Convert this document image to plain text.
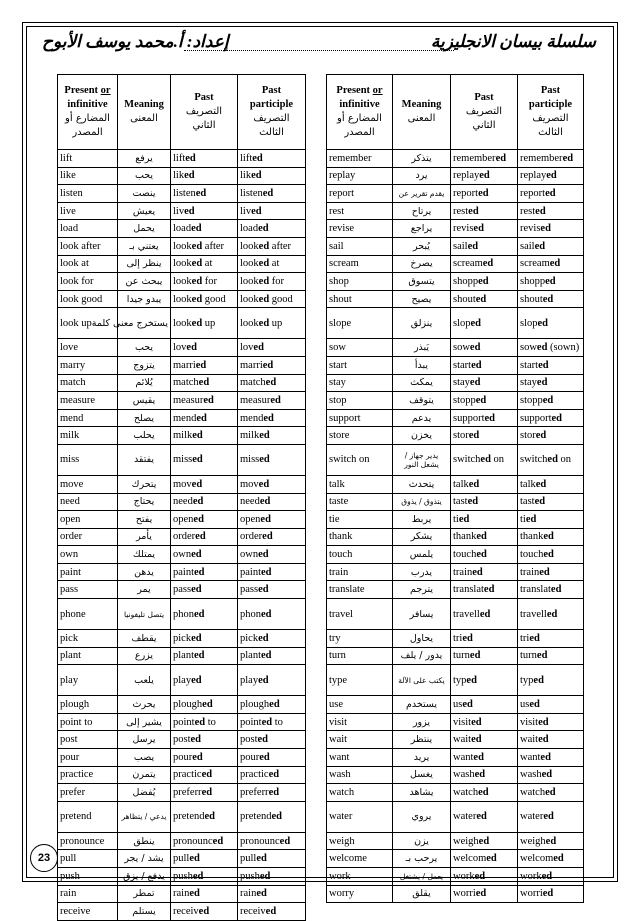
إعداد: أ.محمد يوسف الأبوح	سلسلة بيسان الانجليزية
Present or
infinitive
المضارع أو
المصدر	Meaning
المعنى	Past
التصريف الثاني	Past
participle
التصريف الثالث
lift	يرفع	lifted	lifted
like	يحب	liked	liked
listen	ينصت	listened	listened
live	يعيش	lived	lived
load	يحمل	loaded	loaded
look after	يعتني بـ	looked after	looked after
look at	ينظر إلى	looked at	looked at
look for	يبحث عن	looked for	looked for
look good	يبدو جيدا	looked good	looked good
look up	يستخرج معنى كلمة	looked up	looked up
love	يحب	loved	loved
marry	يتزوج	married	married
match	يُلائم	matched	matched
measure	يقيس	measured	measured
mend	يصلح	mended	mended
milk	يحلب	milked	milked
miss	يفتقد	missed	missed
move	يتحرك	moved	moved
need	يحتاج	needed	needed
open	يفتح	opened	opened
order	يأمر	ordered	ordered
own	يمتلك	owned	owned
paint	يدهن	painted	painted
pass	يمر	passed	passed
phone	يتصل تليفونيا	phoned	phoned
pick	يقطف	picked	picked
plant	يزرع	planted	planted
play	يلعب	played	played
plough	يحرث	ploughed	ploughed
point to	يشير إلى	pointed to	pointed to
post	يرسل	posted	posted
pour	يصب	poured	poured
practice	يتمرن	practiced	practiced
prefer	يُفضل	preferred	preferred
pretend	يدعي / يتظاهر	pretended	pretended
pronounce	ينطق	pronounced	pronounced
pull	يشد / يجر	pulled	pulled
push	يدفع / يزق	pushed	pushed
rain	تمطر	rained	rained
receive	يستلم	received	received
Present or
infinitive
المضارع أو
المصدر	Meaning
المعنى	Past
التصريف الثاني	Past participle
التصريف الثالث
remember	يتذكر	remembered	remembered
replay	يرد	replayed	replayed
report	يقدم تقرير عن	reported	reported
rest	يرتاح	rested	rested
revise	يراجع	revised	revised
sail	يُبحر	sailed	sailed
scream	يصرخ	screamed	screamed
shop	يتسوق	shopped	shopped
shout	يصيح	shouted	shouted
slope	ينزلق	sloped	sloped
sow	يَبذر	sowed	sowed (sown)
start	يبدأ	started	started
stay	يمكث	stayed	stayed
stop	يتوقف	stopped	stopped
support	يدعم	supported	supported
store	يخزن	stored	stored
switch on	يدير جهاز / يشعل النور	switched on	switched on
talk	يتحدث	talked	talked
taste	يتذوق / يذوق	tasted	tasted
tie	يربط	tied	tied
thank	يشكر	thanked	thanked
touch	يلمس	touched	touched
train	يدرب	trained	trained
translate	يترجم	translated	translated
travel	يسافر	travelled	travelled
try	يحاول	tried	tried
turn	يدور / يلف	turned	turned
type	يكتب على الآلة	typed	typed
use	يستخدم	used	used
visit	يزور	visited	visited
wait	ينتظر	waited	waited
want	يريد	wanted	wanted
wash	يغسل	washed	washed
watch	يشاهد	watched	watched
water	يروي	watered	watered
weigh	يزن	weighed	weighed
welcome	يرحب بـ	welcomed	welcomed
work	يعمل / يشتغل	worked	worked
worry	يقلق	worried	worried
23
